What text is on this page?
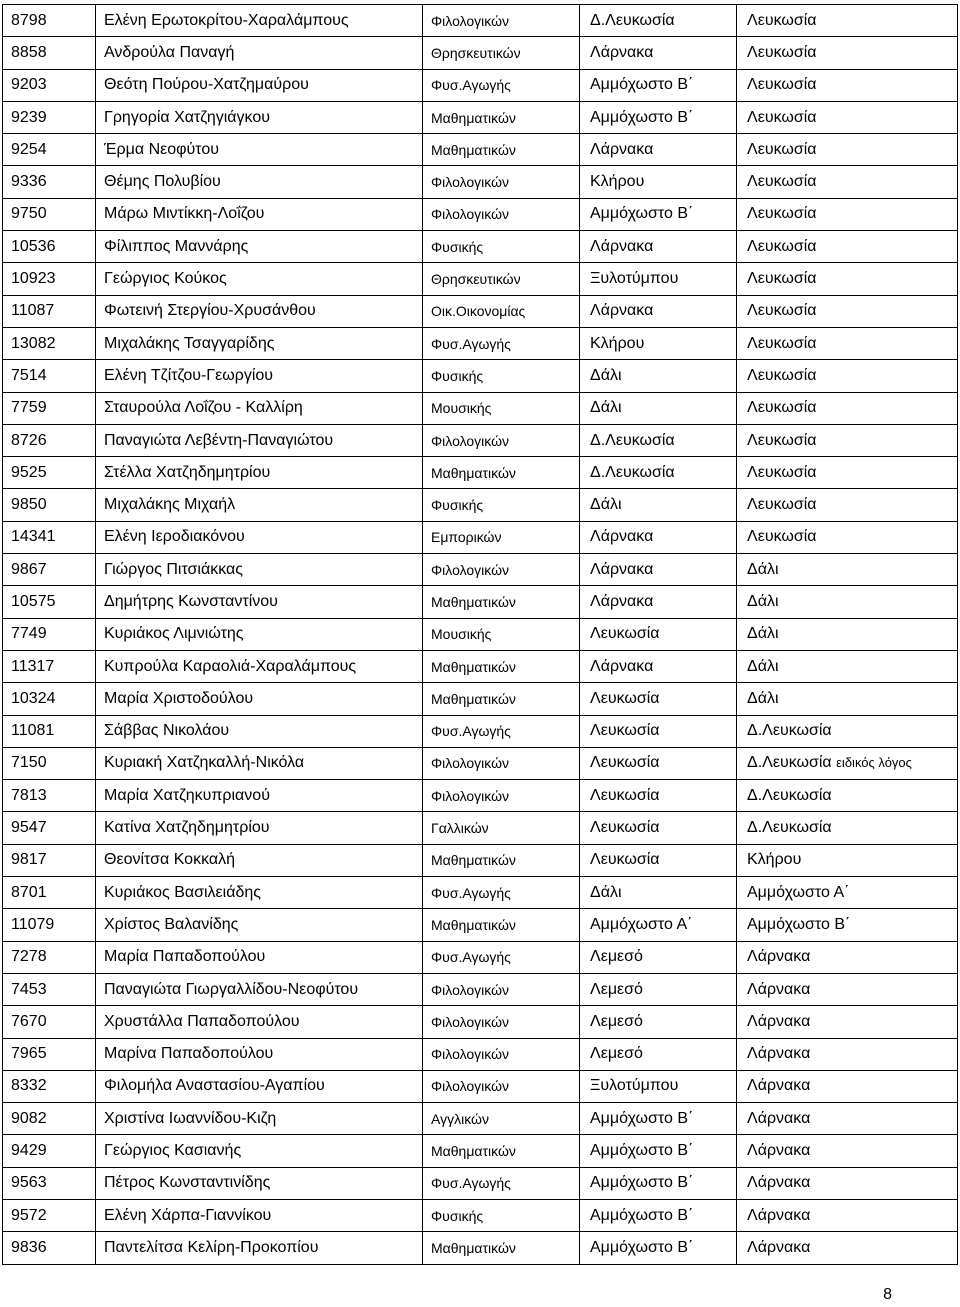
8798	Ελένη Ερωτοκρίτου-Χαραλάμπους	Φιλολογικών	Δ.Λευκωσία	Λευκωσία
8858	Ανδρούλα Παναγή	Θρησκευτικών	Λάρνακα	Λευκωσία
9203	Θεότη Πούρου-Χατζημαύρου	Φυσ.Αγωγής	Αμμόχωστο Β΄	Λευκωσία
9239	Γρηγορία Χατζηγιάγκου	Μαθηματικών	Αμμόχωστο Β΄	Λευκωσία
9254	Έρμα Νεοφύτου	Μαθηματικών	Λάρνακα	Λευκωσία
9336	Θέμης Πολυβίου	Φιλολογικών	Κλήρου	Λευκωσία
9750	Μάρω Μιντίκκη-Λοΐζου	Φιλολογικών	Αμμόχωστο Β΄	Λευκωσία
10536	Φίλιππος Μαννάρης	Φυσικής	Λάρνακα	Λευκωσία
10923	Γεώργιος Κούκος	Θρησκευτικών	Ξυλοτύμπου	Λευκωσία
11087	Φωτεινή Στεργίου-Χρυσάνθου	Οικ.Οικονομίας	Λάρνακα	Λευκωσία
13082	Μιχαλάκης Τσαγγαρίδης	Φυσ.Αγωγής	Κλήρου	Λευκωσία
7514	Ελένη Τζίτζου-Γεωργίου	Φυσικής	Δάλι	Λευκωσία
7759	Σταυρούλα Λοΐζου - Καλλίρη	Μουσικής	Δάλι	Λευκωσία
8726	Παναγιώτα Λεβέντη-Παναγιώτου	Φιλολογικών	Δ.Λευκωσία	Λευκωσία
9525	Στέλλα Χατζηδημητρίου	Μαθηματικών	Δ.Λευκωσία	Λευκωσία
9850	Μιχαλάκης Μιχαήλ	Φυσικής	Δάλι	Λευκωσία
14341	Ελένη Ιεροδιακόνου	Εμπορικών	Λάρνακα	Λευκωσία
9867	Γιώργος Πιτσιάκκας	Φιλολογικών	Λάρνακα	Δάλι
10575	Δημήτρης Κωνσταντίνου	Μαθηματικών	Λάρνακα	Δάλι
7749	Κυριάκος Λιμνιώτης	Μουσικής	Λευκωσία	Δάλι
11317	Κυπρούλα Καραολιά-Χαραλάμπους	Μαθηματικών	Λάρνακα	Δάλι
10324	Μαρία Χριστοδούλου	Μαθηματικών	Λευκωσία	Δάλι
11081	Σάββας Νικολάου	Φυσ.Αγωγής	Λευκωσία	Δ.Λευκωσία
7150	Κυριακή Χατζηκαλλή-Νικόλα	Φιλολογικών	Λευκωσία	Δ.Λευκωσία ειδικός λόγος
7813	Μαρία Χατζηκυπριανού	Φιλολογικών	Λευκωσία	Δ.Λευκωσία
9547	Κατίνα Χατζηδημητρίου	Γαλλικών	Λευκωσία	Δ.Λευκωσία
9817	Θεονίτσα Κοκκαλή	Μαθηματικών	Λευκωσία	Κλήρου
8701	Κυριάκος Βασιλειάδης	Φυσ.Αγωγής	Δάλι	Αμμόχωστο Α΄
11079	Χρίστος Βαλανίδης	Μαθηματικών	Αμμόχωστο Α΄	Αμμόχωστο Β΄
7278	Μαρία Παπαδοπούλου	Φυσ.Αγωγής	Λεμεσό	Λάρνακα
7453	Παναγιώτα Γιωργαλλίδου-Νεοφύτου	Φιλολογικών	Λεμεσό	Λάρνακα
7670	Χρυστάλλα Παπαδοπούλου	Φιλολογικών	Λεμεσό	Λάρνακα
7965	Μαρίνα Παπαδοπούλου	Φιλολογικών	Λεμεσό	Λάρνακα
8332	Φιλομήλα Αναστασίου-Αγαπίου	Φιλολογικών	Ξυλοτύμπου	Λάρνακα
9082	Χριστίνα Ιωαννίδου-Κιζη	Αγγλικών	Αμμόχωστο Β΄	Λάρνακα
9429	Γεώργιος Κασιανής	Μαθηματικών	Αμμόχωστο Β΄	Λάρνακα
9563	Πέτρος Κωνσταντινίδης	Φυσ.Αγωγής	Αμμόχωστο Β΄	Λάρνακα
9572	Ελένη Χάρπα-Γιαννίκου	Φυσικής	Αμμόχωστο Β΄	Λάρνακα
9836	Παντελίτσα Κελίρη-Προκοπίου	Μαθηματικών	Αμμόχωστο Β΄	Λάρνακα
8
